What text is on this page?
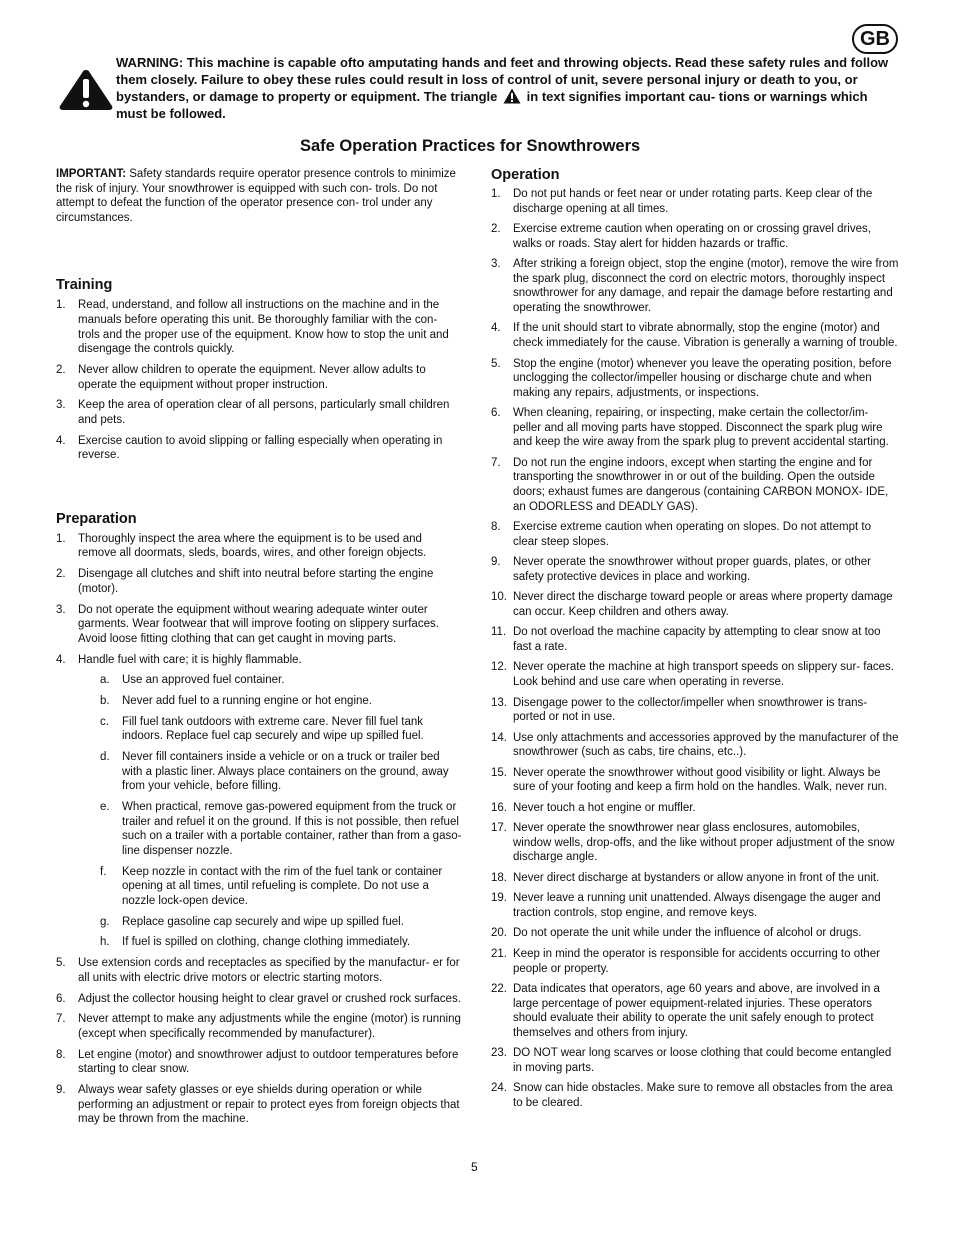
GB
WARNING: This machine is capable ofto amputating hands and feet and throwing objects. Read these safety rules and follow them closely. Failure to obey these rules could result in loss of control of unit, severe personal injury or death to you, or bystanders, or damage to property or equipment. The triangle in text signifies important cau- tions or warnings which must be followed.
Safe Operation Practices for Snowthrowers

IMPORTANT: Safety standards require operator presence controls to minimize the risk of injury. Your snowthrower is equipped with such con- trols. Do not attempt to defeat the function of the operator presence con- trol under any circumstances.

Training
1. Read, understand, and follow all instructions on the machine and in the manuals before operating this unit. Be thoroughly familiar with the con- trols and the proper use of the equipment. Know how to stop the unit and disengage the controls quickly.
2. Never allow children to operate the equipment. Never allow adults to operate the equipment without proper instruction.
3. Keep the area of operation clear of all persons, particularly small children and pets.
4. Exercise caution to avoid slipping or falling especially when operating in reverse.
Preparation
1. Thoroughly inspect the area where the equipment is to be used and remove all doormats, sleds, boards, wires, and other foreign objects.
2. Disengage all clutches and shift into neutral before starting the engine (motor).
3. Do not operate the equipment without wearing adequate winter outer garments. Wear footwear that will improve footing on slippery surfaces. Avoid loose fitting clothing that can get caught in moving parts.
4. Handle fuel with care; it is highly flammable.
a. Use an approved fuel container.
b. Never add fuel to a running engine or hot engine.
c. Fill fuel tank outdoors with extreme care. Never fill fuel tank indoors. Replace fuel cap securely and wipe up spilled fuel.
d. Never fill containers inside a vehicle or on a truck or trailer bed with a plastic liner. Always place containers on the ground, away from your vehicle, before filling.
e. When practical, remove gas‑powered equipment from the truck or trailer and refuel it on the ground. If this is not possible, then refuel such on a trailer with a portable container, rather than from a gaso- line dispenser nozzle.
f. Keep nozzle in contact with the rim of the fuel tank or container opening at all times, until refueling is complete. Do not use a nozzle lock‑open device.
g. Replace gasoline cap securely and wipe up spilled fuel.
h. If fuel is spilled on clothing, change clothing immediately.
5. Use extension cords and receptacles as specified by the manufactur- er for all units with electric drive motors or electric starting motors.
6. Adjust the collector housing height to clear gravel or crushed rock surfaces.
7. Never attempt to make any adjustments while the engine (motor) is running (except when specifically recommended by manufacturer).
8. Let engine (motor) and snowthrower adjust to outdoor temperatures before starting to clear snow.
9. Always wear safety glasses or eye shields during operation or while performing an adjustment or repair to protect eyes from foreign objects that may be thrown from the machine.
Operation
1. Do not put hands or feet near or under rotating parts. Keep clear of the discharge opening at all times.
2. Exercise extreme caution when operating on or crossing gravel drives, walks or roads. Stay alert for hidden hazards or traffic.
3. After striking a foreign object, stop the engine (motor), remove the wire from the spark plug, disconnect the cord on electric motors, thoroughly inspect snowthrower for any damage, and repair the damage before restarting and operating the snowthrower.
4. If the unit should start to vibrate abnormally, stop the engine (motor) and check immediately for the cause. Vibration is generally a warning of trouble.
5. Stop the engine (motor) whenever you leave the operating position, before unclogging the collector/impeller housing or discharge chute and when making any repairs, adjustments, or inspections.
6. When cleaning, repairing, or inspecting, make certain the collector/im- peller and all moving parts have stopped. Disconnect the spark plug wire and keep the wire away from the spark plug to prevent accidental starting.
7. Do not run the engine indoors, except when starting the engine and for transporting the snowthrower in or out of the building. Open the outside doors; exhaust fumes are dangerous (containing CARBON MONOX- IDE, an ODORLESS and DEADLY GAS).
8. Exercise extreme caution when operating on slopes. Do not attempt to clear steep slopes.
9. Never operate the snowthrower without proper guards, plates, or other safety protective devices in place and working.
10. Never direct the discharge toward people or areas where property damage can occur. Keep children and others away.
11. Do not overload the machine capacity by attempting to clear snow at too fast a rate.
12. Never operate the machine at high transport speeds on slippery sur- faces. Look behind and use care when operating in reverse.
13. Disengage power to the collector/impeller when snowthrower is trans- ported or not in use.
14. Use only attachments and accessories approved by the manufacturer of the snowthrower (such as cabs, tire chains, etc..).
15. Never operate the snowthrower without good visibility or light. Always be sure of your footing and keep a firm hold on the handles. Walk, never run.
16. Never touch a hot engine or muffler.
17. Never operate the snowthrower near glass enclosures, automobiles, window wells, drop‑offs, and the like without proper adjustment of the snow discharge angle.
18. Never direct discharge at bystanders or allow anyone in front of the unit.
19. Never leave a running unit unattended. Always disengage the auger and traction controls, stop engine, and remove keys.
20. Do not operate the unit while under the influence of alcohol or drugs.
21. Keep in mind the operator is responsible for accidents occurring to other people or property.
22. Data indicates that operators, age 60 years and above, are involved in a large percentage of power equipment‑related injuries. These operators should evaluate their ability to operate the unit safely enough to protect themselves and others from injury.
23. DO NOT wear long scarves or loose clothing that could become entangled in moving parts.
24. Snow can hide obstacles. Make sure to remove all obstacles from the area to be cleared.
5
